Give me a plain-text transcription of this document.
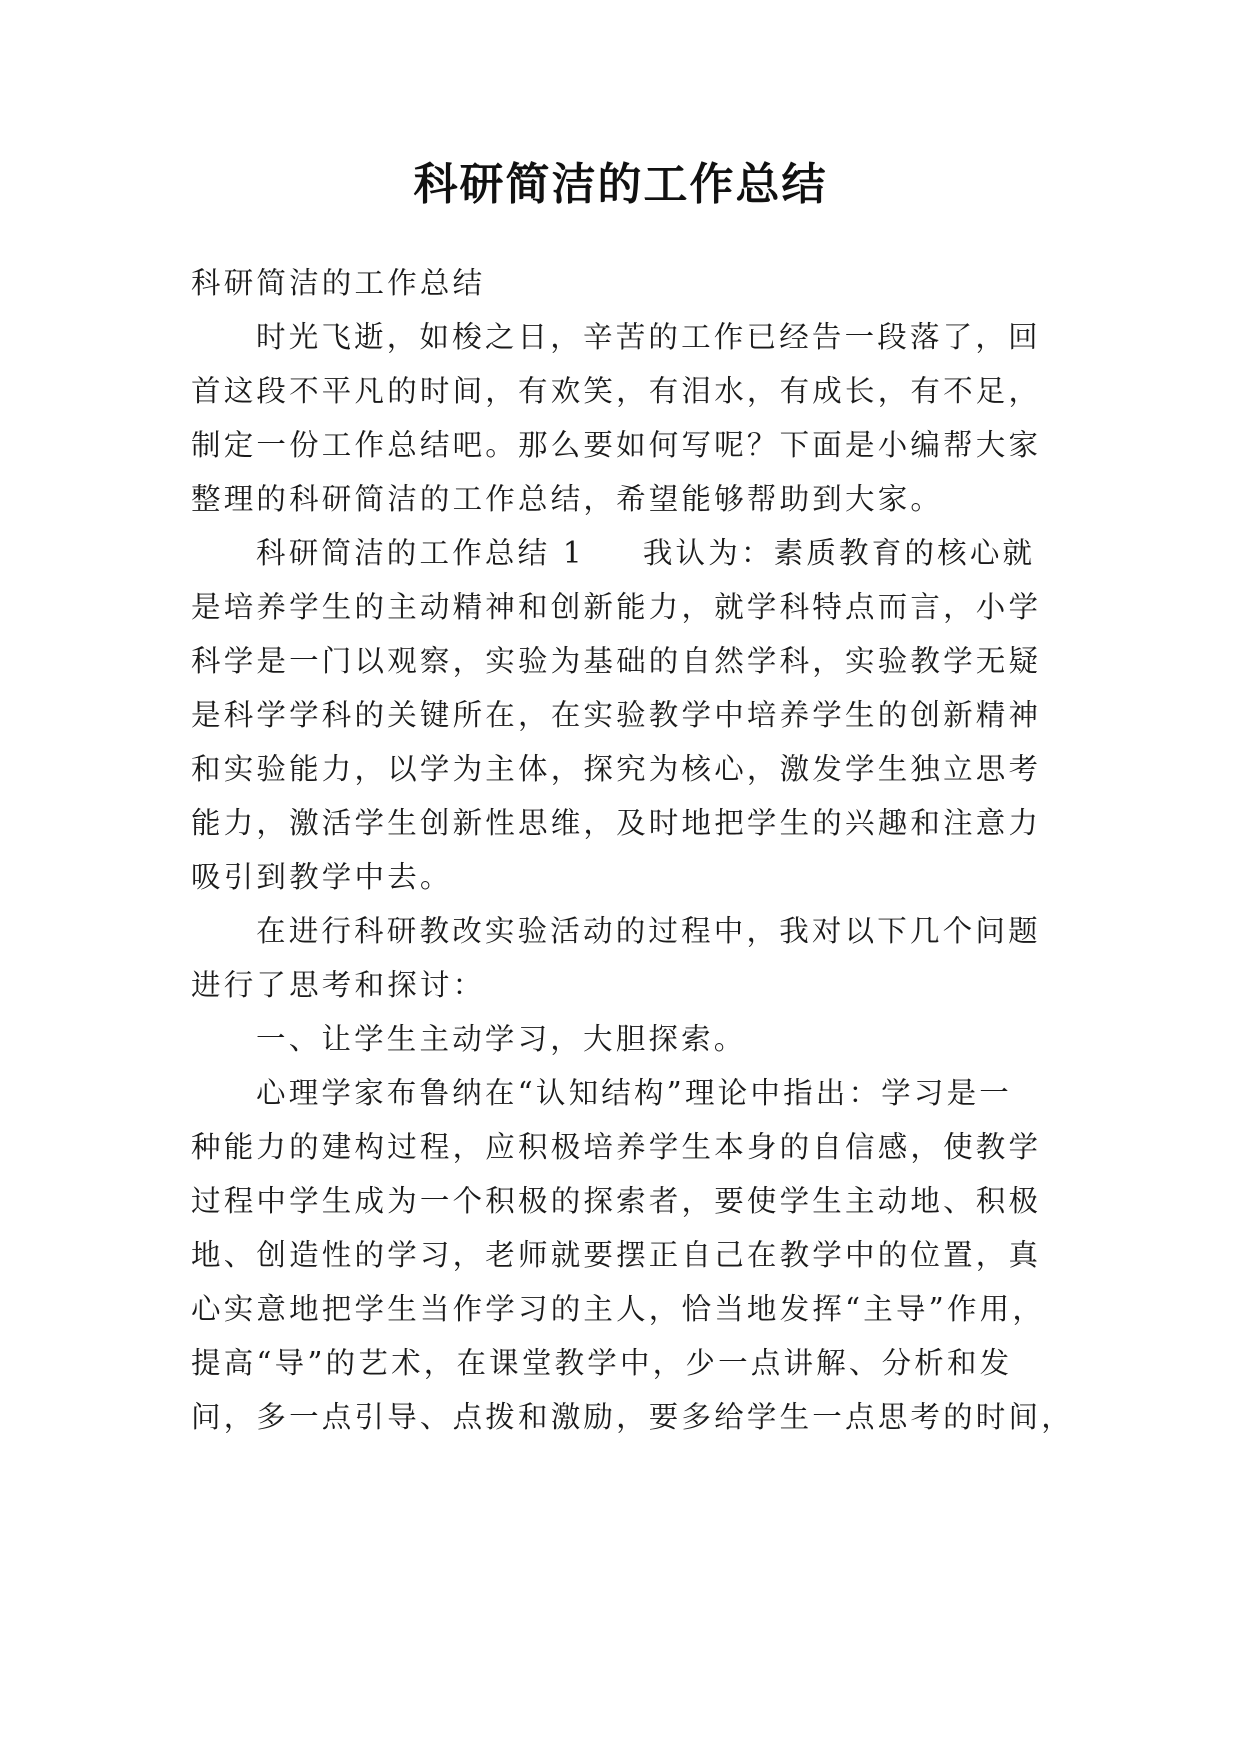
科研简洁的工作总结

科研简洁的工作总结

时光飞逝，如梭之日，辛苦的工作已经告一段落了，回

首这段不平凡的时间，有欢笑，有泪水，有成长，有不足，

制定一份工作总结吧。那么要如何写呢？下面是小编帮大家

整理的科研简洁的工作总结，希望能够帮助到大家。

科研简洁的工作总结 1 我认为：素质教育的核心就

是培养学生的主动精神和创新能力，就学科特点而言，小学

科学是一门以观察，实验为基础的自然学科，实验教学无疑

是科学学科的关键所在，在实验教学中培养学生的创新精神

和实验能力，以学为主体，探究为核心，激发学生独立思考

能力，激活学生创新性思维，及时地把学生的兴趣和注意力

吸引到教学中去。

在进行科研教改实验活动的过程中，我对以下几个问题

进行了思考和探讨：

一、让学生主动学习，大胆探索。

心理学家布鲁纳在“认知结构”理论中指出：学习是一

种能力的建构过程，应积极培养学生本身的自信感，使教学

过程中学生成为一个积极的探索者，要使学生主动地、积极

地、创造性的学习，老师就要摆正自己在教学中的位置，真

心实意地把学生当作学习的主人，恰当地发挥“主导”作用，

提高“导”的艺术，在课堂教学中，少一点讲解、分析和发

问，多一点引导、点拨和激励，要多给学生一点思考的时间，
